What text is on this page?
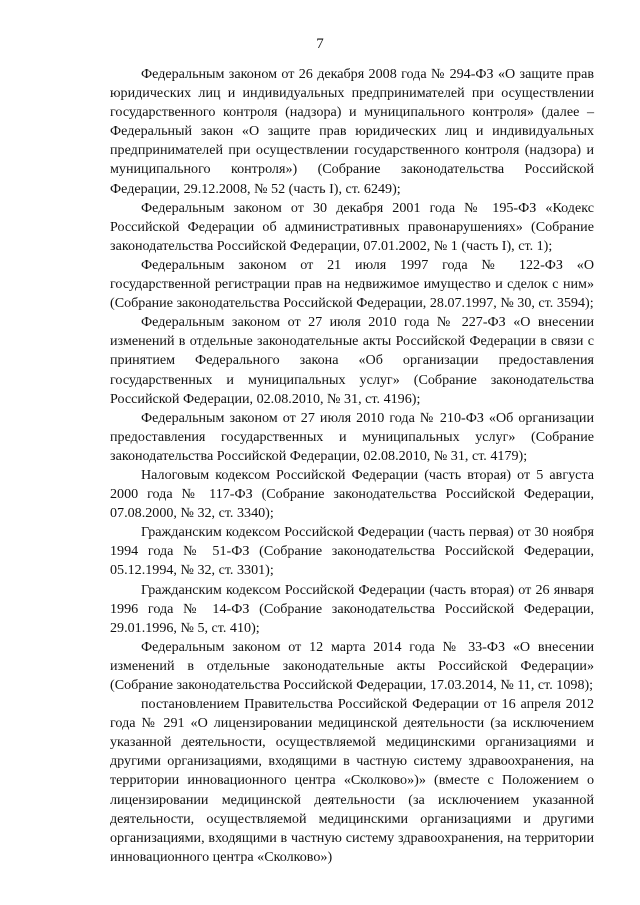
7

Федеральным законом от 26 декабря 2008 года № 294-ФЗ «О защите прав юридических лиц и индивидуальных предпринимателей при осуществлении государственного контроля (надзора) и муниципального контроля» (далее – Федеральный закон «О защите прав юридических лиц и индивидуальных предпринимателей при осуществлении государственного контроля (надзора) и муниципального контроля») (Собрание законодательства Российской Федерации, 29.12.2008, № 52 (часть I), ст. 6249);

Федеральным законом от 30 декабря 2001 года № 195-ФЗ «Кодекс Российской Федерации об административных правонарушениях» (Собрание законодательства Российской Федерации, 07.01.2002, № 1 (часть I), ст. 1);

Федеральным законом от 21 июля 1997 года № 122-ФЗ «О государственной регистрации прав на недвижимое имущество и сделок с ним» (Собрание законодательства Российской Федерации, 28.07.1997, № 30, ст. 3594);

Федеральным законом от 27 июля 2010 года № 227-ФЗ «О внесении изменений в отдельные законодательные акты Российской Федерации в связи с принятием Федерального закона «Об организации предоставления государственных и муниципальных услуг» (Собрание законодательства Российской Федерации, 02.08.2010, № 31, ст. 4196);

Федеральным законом от 27 июля 2010 года № 210-ФЗ «Об организации предоставления государственных и муниципальных услуг» (Собрание законодательства Российской Федерации, 02.08.2010, № 31, ст. 4179);

Налоговым кодексом Российской Федерации (часть вторая) от 5 августа 2000 года № 117-ФЗ (Собрание законодательства Российской Федерации, 07.08.2000, № 32, ст. 3340);

Гражданским кодексом Российской Федерации (часть первая) от 30 ноября 1994 года № 51-ФЗ (Собрание законодательства Российской Федерации, 05.12.1994, № 32, ст. 3301);

Гражданским кодексом Российской Федерации (часть вторая) от 26 января 1996 года № 14-ФЗ (Собрание законодательства Российской Федерации, 29.01.1996, № 5, ст. 410);

Федеральным законом от 12 марта 2014 года № 33-ФЗ «О внесении изменений в отдельные законодательные акты Российской Федерации» (Собрание законодательства Российской Федерации, 17.03.2014, № 11, ст. 1098);

постановлением Правительства Российской Федерации от 16 апреля 2012 года № 291 «О лицензировании медицинской деятельности (за исключением указанной деятельности, осуществляемой медицинскими организациями и другими организациями, входящими в частную систему здравоохранения, на территории инновационного центра «Сколково»)» (вместе с Положением о лицензировании медицинской деятельности (за исключением указанной деятельности, осуществляемой медицинскими организациями и другими организациями, входящими в частную систему здравоохранения, на территории инновационного центра «Сколково»)
